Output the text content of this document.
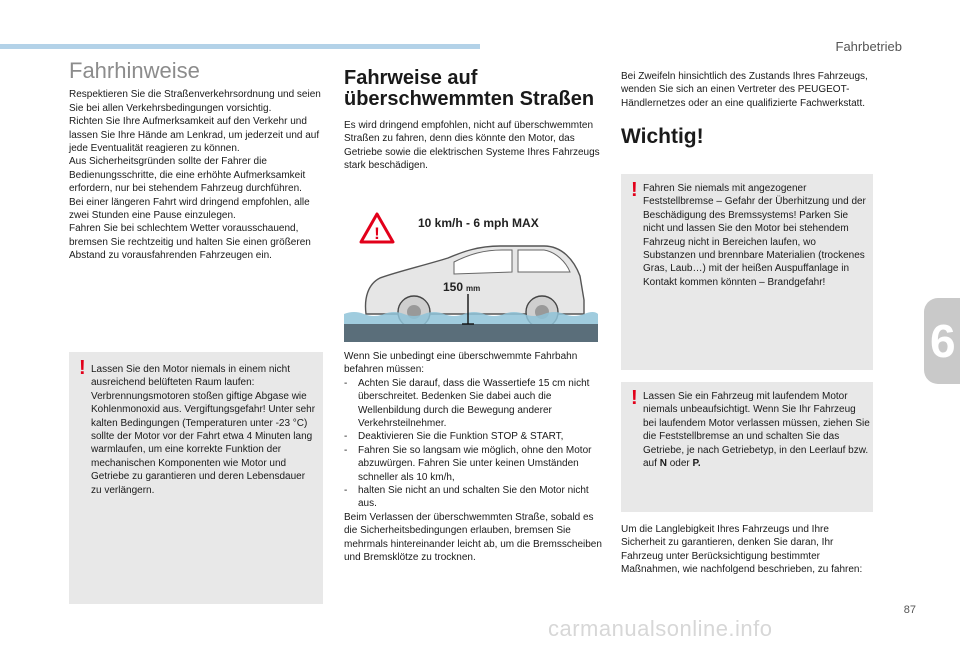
Fahrbetrieb
6
Fahrhinweise

Respektieren Sie die Straßenverkehrsordnung und seien Sie bei allen Verkehrsbedingungen vorsichtig.

Richten Sie Ihre Aufmerksamkeit auf den Verkehr und lassen Sie Ihre Hände am Lenkrad, um jederzeit und auf jede Eventualität reagieren zu können.

Aus Sicherheitsgründen sollte der Fahrer die Bedienungsschritte, die eine erhöhte Aufmerksamkeit erfordern, nur bei stehendem Fahrzeug durchführen.

Bei einer längeren Fahrt wird dringend empfohlen, alle zwei Stunden eine Pause einzulegen.

Fahren Sie bei schlechtem Wetter vorausschauend, bremsen Sie rechtzeitig und halten Sie einen größeren Abstand zu vorausfahrenden Fahrzeugen ein.

! Lassen Sie den Motor niemals in einem nicht ausreichend belüfteten Raum laufen: Verbrennungsmotoren stoßen giftige Abgase wie Kohlenmonoxid aus. Vergiftungsgefahr! Unter sehr kalten Bedingungen (Temperaturen unter -23 °C) sollte der Motor vor der Fahrt etwa 4 Minuten lang warmlaufen, um eine korrekte Funktion der mechanischen Komponenten wie Motor und Getriebe zu garantieren und deren Lebensdauer zu verlängern.

Fahrweise auf überschwemmten Straßen

Es wird dringend empfohlen, nicht auf überschwemmten Straßen zu fahren, denn dies könnte den Motor, das Getriebe sowie die elektrischen Systeme Ihres Fahrzeugs stark beschädigen.

!
10 km/h - 6 mph MAX
150 mm

Wenn Sie unbedingt eine überschwemmte Fahrbahn befahren müssen:

- Achten Sie darauf, dass die Wassertiefe 15 cm nicht überschreitet. Bedenken Sie dabei auch die Wellenbildung durch die Bewegung anderer Verkehrsteilnehmer.
- Deaktivieren Sie die Funktion STOP & START,
- Fahren Sie so langsam wie möglich, ohne den Motor abzuwürgen. Fahren Sie unter keinen Umständen schneller als 10 km/h,
- halten Sie nicht an und schalten Sie den Motor nicht aus.

Beim Verlassen der überschwemmten Straße, sobald es die Sicherheitsbedingungen erlauben, bremsen Sie mehrmals hintereinander leicht ab, um die Bremsscheiben und Bremsklötze zu trocknen.

Bei Zweifeln hinsichtlich des Zustands Ihres Fahrzeugs, wenden Sie sich an einen Vertreter des PEUGEOT-Händlernetzes oder an eine qualifizierte Fachwerkstatt.

Wichtig!
! Fahren Sie niemals mit angezogener Feststellbremse – Gefahr der Überhitzung und der Beschädigung des Bremssystems! Parken Sie nicht und lassen Sie den Motor bei stehendem Fahrzeug nicht in Bereichen laufen, wo Substanzen und brennbare Materialien (trockenes Gras, Laub…) mit der heißen Auspuffanlage in Kontakt kommen könnten – Brandgefahr!

! Lassen Sie ein Fahrzeug mit laufendem Motor niemals unbeaufsichtigt. Wenn Sie Ihr Fahrzeug bei laufendem Motor verlassen müssen, ziehen Sie die Feststellbremse an und schalten Sie das Getriebe, je nach Getriebetyp, in den Leerlauf bzw. auf N oder P.

Um die Langlebigkeit Ihres Fahrzeugs und Ihre Sicherheit zu garantieren, denken Sie daran, Ihr Fahrzeug unter Berücksichtigung bestimmter Maßnahmen, wie nachfolgend beschrieben, zu fahren:

87
carmanualsonline.info
